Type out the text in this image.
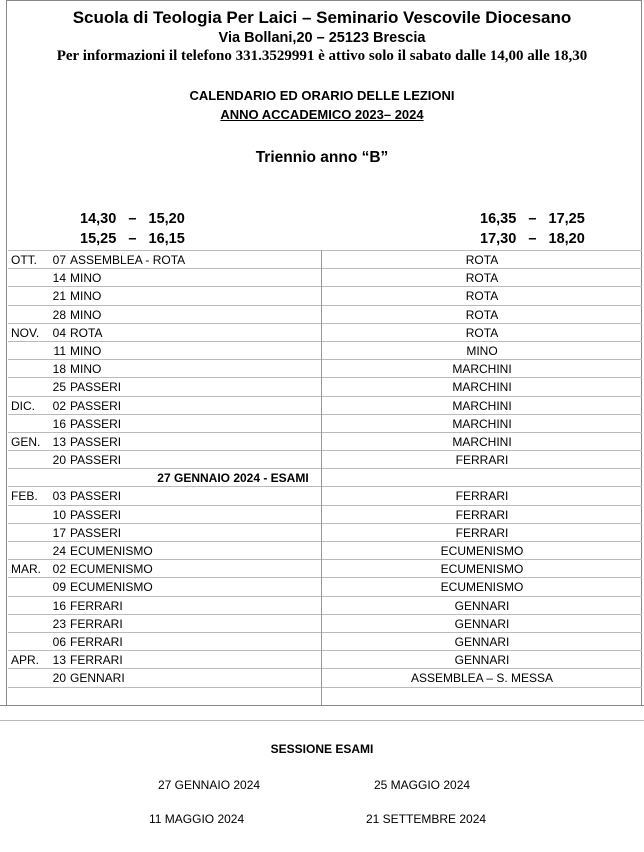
Scuola di Teologia Per Laici – Seminario Vescovile Diocesano
Via Bollani,20 – 25123 Brescia
Per informazioni il telefono 331.3529991 è attivo solo il sabato dalle 14,00 alle 18,30
CALENDARIO ED ORARIO DELLE LEZIONI
ANNO ACCADEMICO 2023– 2024
Triennio anno “B”
14,30   –   15,20
15,25   –   16,15
16,35   –   17,25
17,30   –   18,20
OTT.	07 ASSEMBLEA - ROTA	ROTA
14 MINO	ROTA
21 MINO	ROTA
28 MINO	ROTA
NOV.	04 ROTA	ROTA
11 MINO	MINO
18 MINO	MARCHINI
25 PASSERI	MARCHINI
DIC.	02 PASSERI	MARCHINI
16 PASSERI	MARCHINI
GEN.	13 PASSERI	MARCHINI
20 PASSERI	FERRARI
27 GENNAIO 2024 - ESAMI
FEB.	03 PASSERI	FERRARI
10 PASSERI	FERRARI
17 PASSERI	FERRARI
24 ECUMENISMO	ECUMENISMO
MAR. 02 ECUMENISMO	ECUMENISMO
09 ECUMENISMO	ECUMENISMO
16 FERRARI	GENNARI
23 FERRARI	GENNARI
06 FERRARI	GENNARI
APR.	13 FERRARI	GENNARI
20 GENNARI	ASSEMBLEA – S. MESSA
SESSIONE ESAMI
27 GENNAIO 2024	25 MAGGIO 2024
11 MAGGIO 2024	21 SETTEMBRE 2024
